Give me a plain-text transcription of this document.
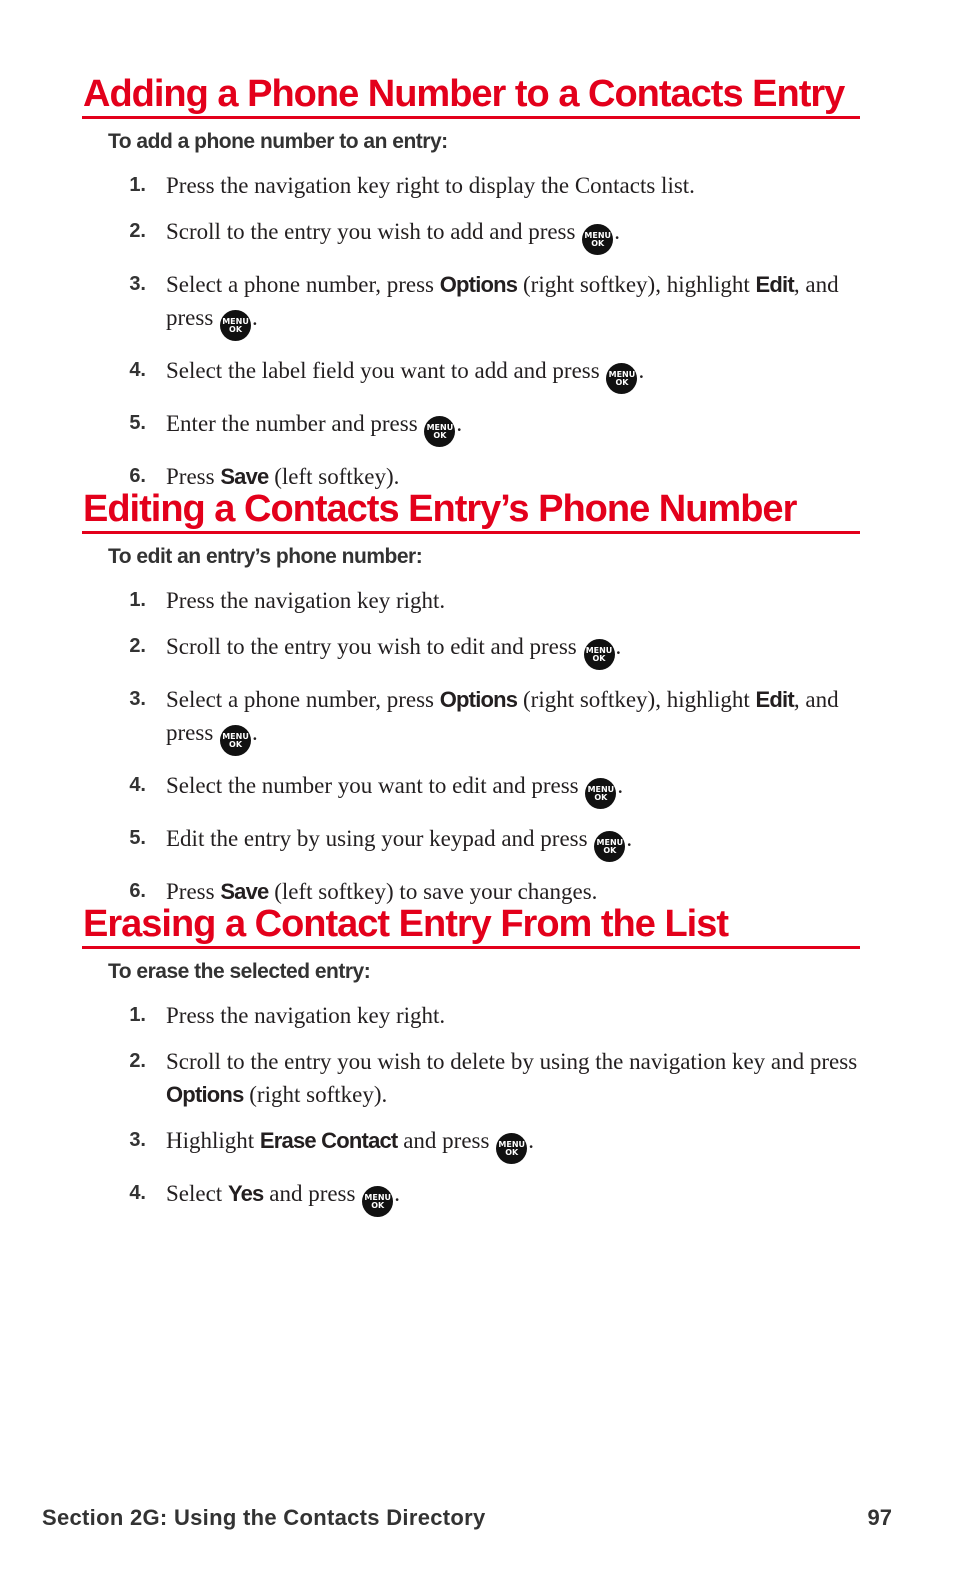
Adding a Phone Number to a Contacts Entry
To add a phone number to an entry:
1. Press the navigation key right to display the Contacts list.
2. Scroll to the entry you wish to add and press MENU
OK .
3. Select a phone number, press Options (right softkey), highlight Edit, and press MENU
OK .
4. Select the label field you want to add and press MENU
OK .
5. Enter the number and press MENU
OK .
6. Press Save (left softkey).
Editing a Contacts Entry’s Phone Number
To edit an entry’s phone number:
1. Press the navigation key right.
2. Scroll to the entry you wish to edit and press MENU
OK .
3. Select a phone number, press Options (right softkey), highlight Edit, and press MENU
OK .
4. Select the number you want to edit and press MENU
OK .
5. Edit the entry by using your keypad and press MENU
OK .
6. Press Save (left softkey) to save your changes.
Erasing a Contact Entry From the List
To erase the selected entry:
1. Press the navigation key right.
2. Scroll to the entry you wish to delete by using the navigation key and press Options (right softkey).
3. Highlight Erase Contact and press MENU
OK .
4. Select Yes and press MENU
OK .
Section 2G: Using the Contacts Directory	97
